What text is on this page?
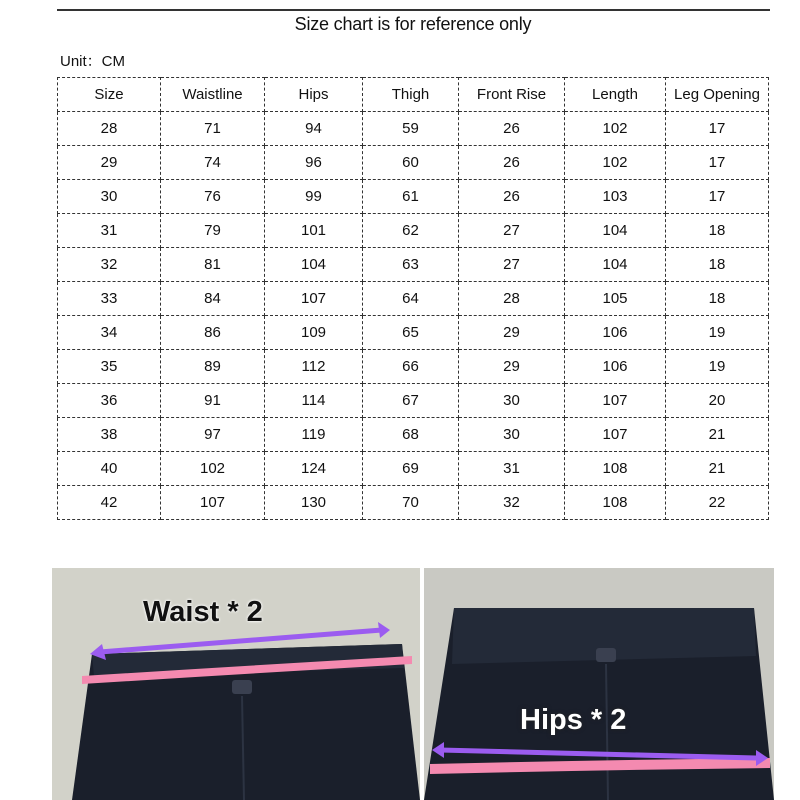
Size chart is for reference only
Unit：CM
Size	Waistline	Hips	Thigh	Front Rise	Length	Leg Opening
28	71	94	59	26	102	17
29	74	96	60	26	102	17
30	76	99	61	26	103	17
31	79	101	62	27	104	18
32	81	104	63	27	104	18
33	84	107	64	28	105	18
34	86	109	65	29	106	19
35	89	112	66	29	106	19
36	91	114	67	30	107	20
38	97	119	68	30	107	21
40	102	124	69	31	108	21
42	107	130	70	32	108	22
Waist * 2
Hips * 2
